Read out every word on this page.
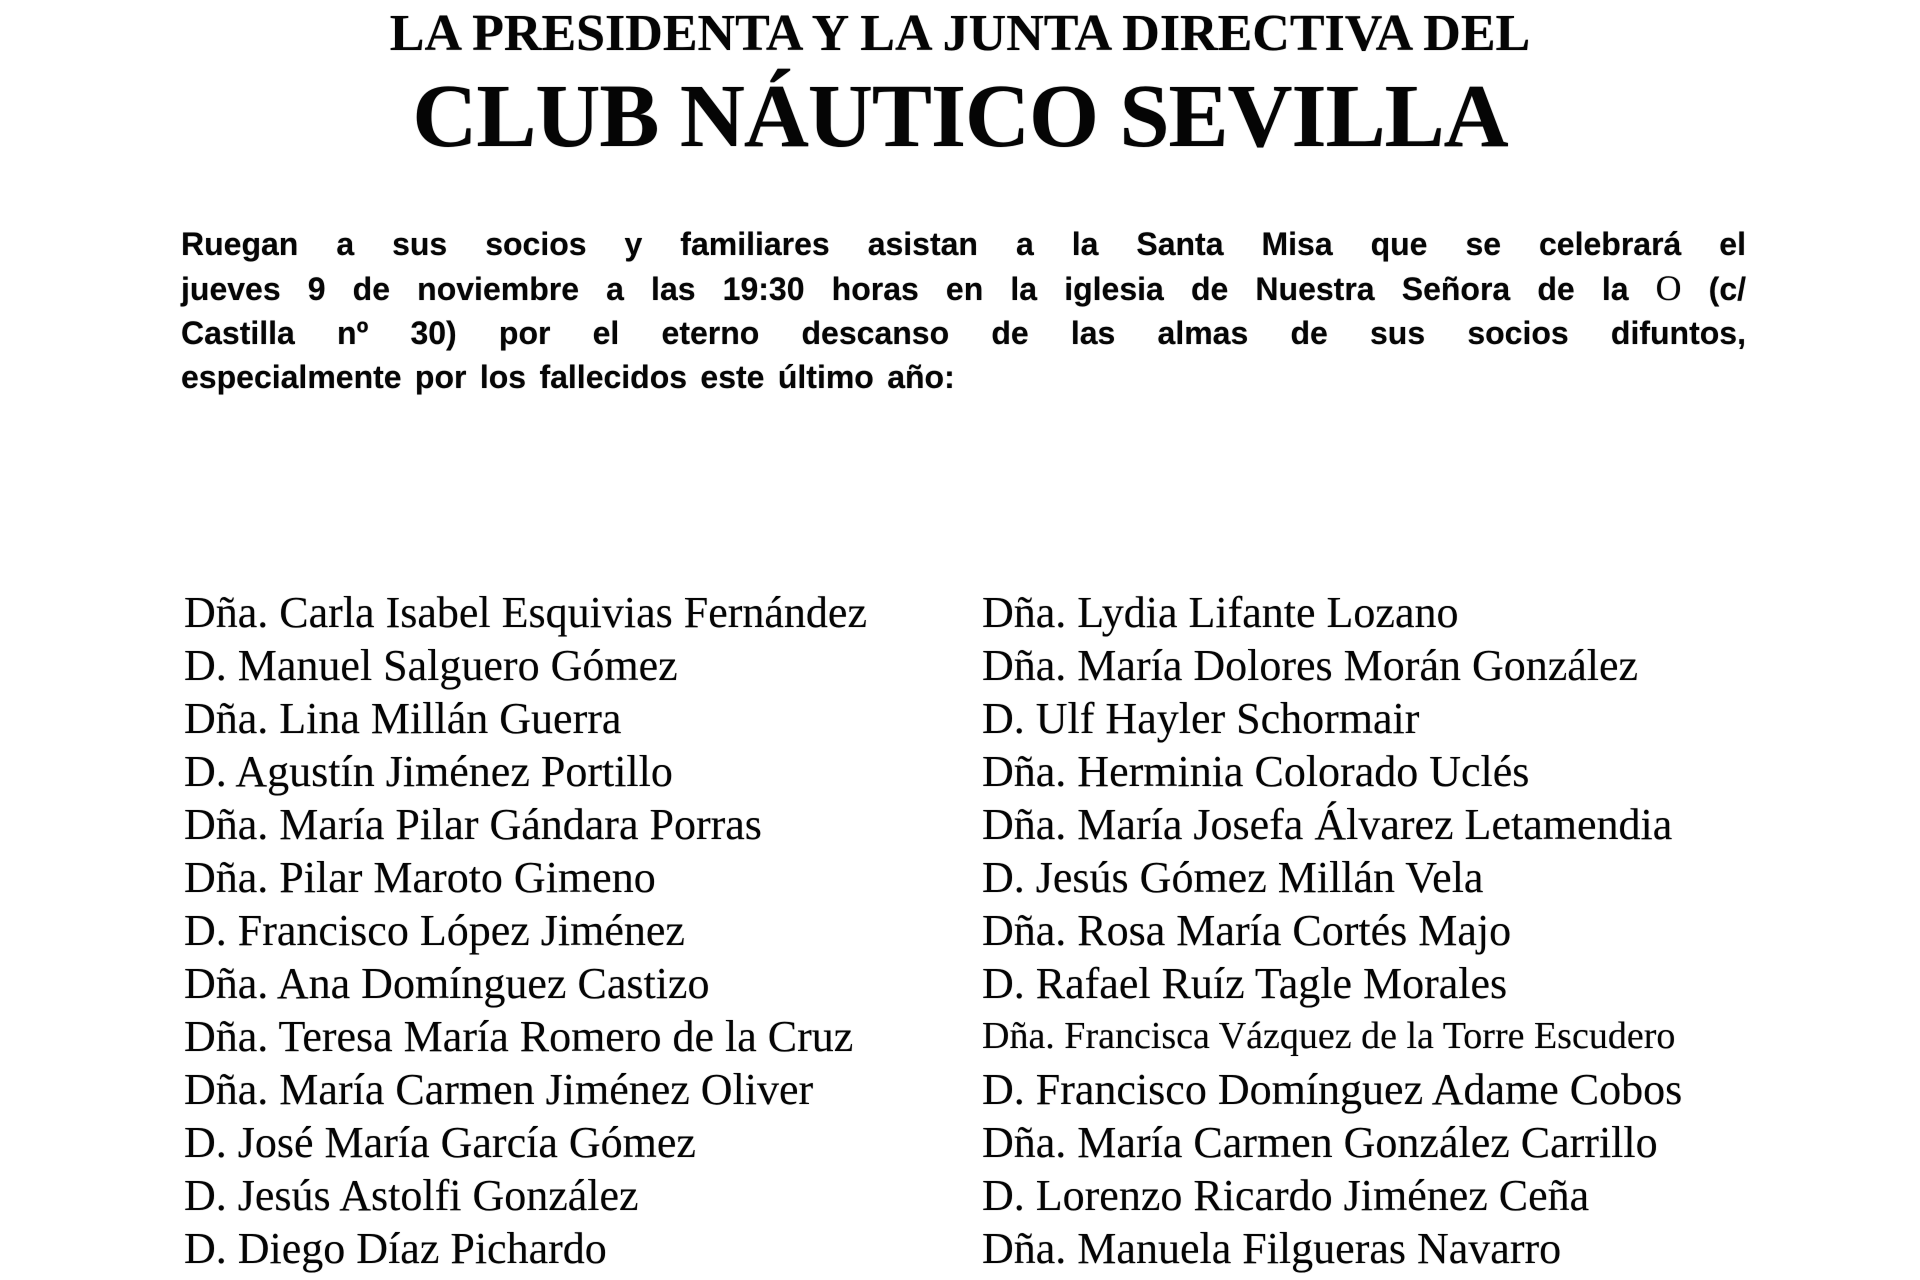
LA PRESIDENTA Y LA JUNTA DIRECTIVA DEL
CLUB NÁUTICO SEVILLA
Ruegan a sus socios y familiares asistan a la Santa Misa que se celebrará el
jueves 9 de noviembre a las 19:30 horas en la iglesia de Nuestra Señora de la O (c/
Castilla nº 30) por el eterno descanso de las almas de sus socios difuntos,
especialmente por los fallecidos este último año:
Dña. Carla Isabel Esquivias Fernández
D. Manuel Salguero Gómez
Dña. Lina Millán Guerra
D. Agustín Jiménez Portillo
Dña. María Pilar Gándara Porras
Dña. Pilar Maroto Gimeno
D. Francisco López Jiménez
Dña. Ana Domínguez Castizo
Dña. Teresa María Romero de la Cruz
Dña. María Carmen Jiménez Oliver
D. José María García Gómez
D. Jesús Astolfi González
D. Diego Díaz Pichardo
Dña. Lydia Lifante Lozano
Dña. María Dolores Morán González
D. Ulf Hayler Schormair
Dña. Herminia Colorado Uclés
Dña. María Josefa Álvarez Letamendia
D. Jesús Gómez Millán Vela
Dña. Rosa María Cortés Majo
D. Rafael Ruíz Tagle Morales
Dña. Francisca Vázquez de la Torre Escudero
D. Francisco Domínguez Adame Cobos
Dña. María Carmen González Carrillo
D. Lorenzo Ricardo Jiménez Ceña
Dña. Manuela Filgueras Navarro
